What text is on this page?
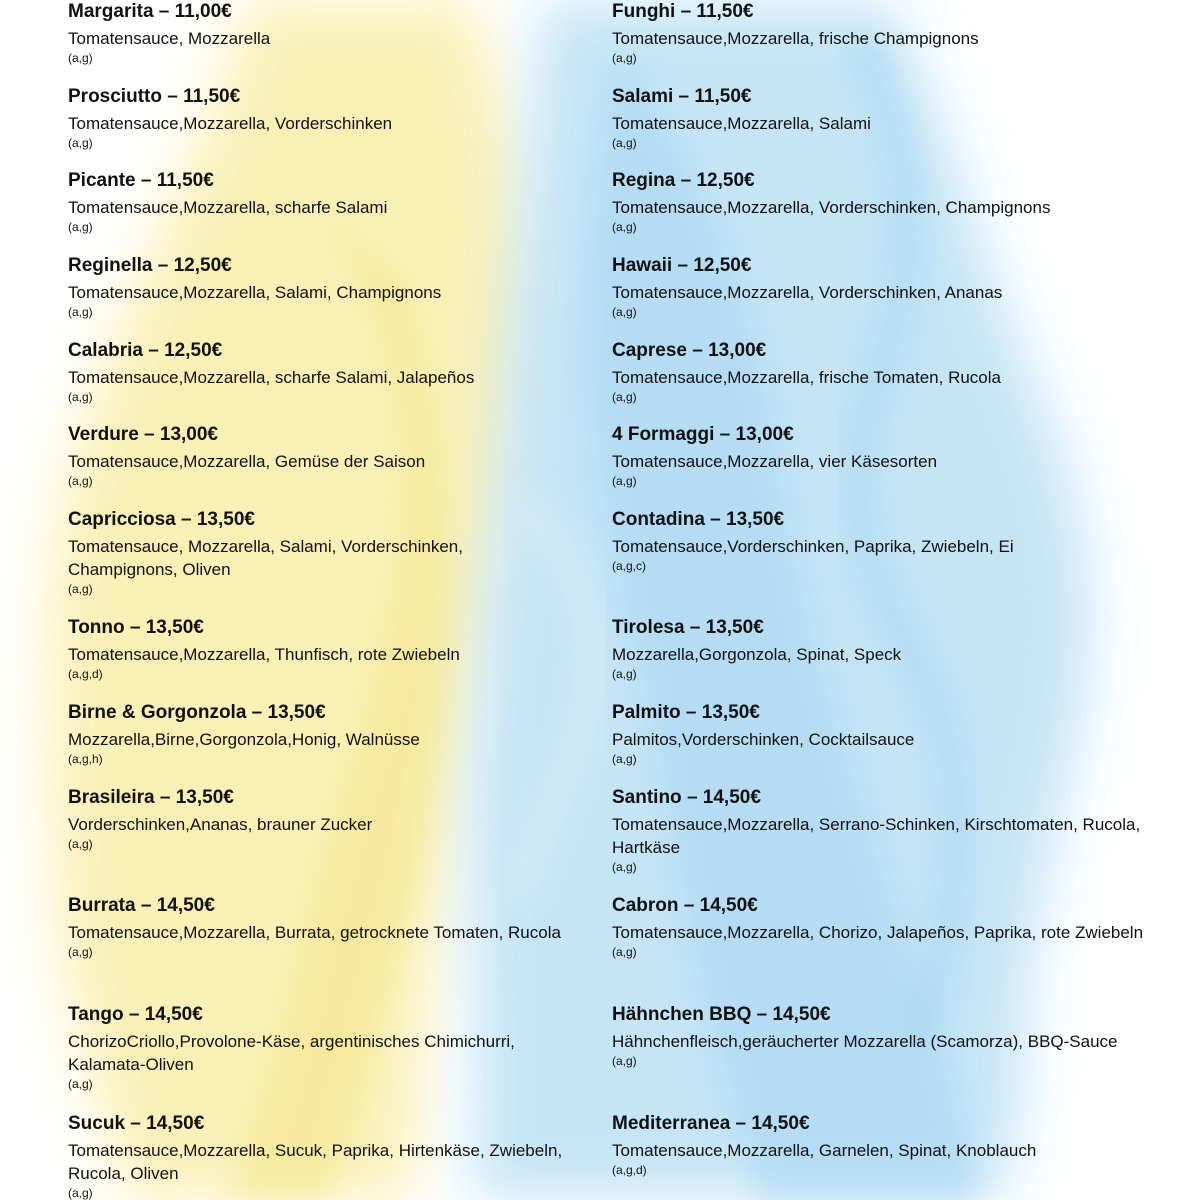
Margarita – 11,00€
Tomatensauce, Mozzarella
(a,g)
Prosciutto – 11,50€
Tomatensauce,Mozzarella, Vorderschinken
(a,g)
Picante – 11,50€
Tomatensauce,Mozzarella, scharfe Salami
(a,g)
Reginella – 12,50€
Tomatensauce,Mozzarella, Salami, Champignons
(a,g)
Calabria – 12,50€
Tomatensauce,Mozzarella, scharfe Salami, Jalapeños
(a,g)
Verdure – 13,00€
Tomatensauce,Mozzarella, Gemüse der Saison
(a,g)
Capricciosa – 13,50€
Tomatensauce, Mozzarella, Salami, Vorderschinken, Champignons, Oliven
(a,g)
Tonno – 13,50€
Tomatensauce,Mozzarella, Thunfisch, rote Zwiebeln
(a,g,d)
Birne & Gorgonzola – 13,50€
Mozzarella,Birne,Gorgonzola,Honig, Walnüsse
(a,g,h)
Brasileira – 13,50€
Vorderschinken,Ananas, brauner Zucker
(a,g)
Burrata – 14,50€
Tomatensauce,Mozzarella, Burrata, getrocknete Tomaten, Rucola
(a,g)
Tango – 14,50€
ChorizoCriollo,Provolone-Käse, argentinisches Chimichurri, Kalamata-Oliven
(a,g)
Sucuk – 14,50€
Tomatensauce,Mozzarella, Sucuk, Paprika, Hirtenkäse, Zwiebeln, Rucola, Oliven
(a,g)
Funghi – 11,50€
Tomatensauce,Mozzarella, frische Champignons
(a,g)
Salami – 11,50€
Tomatensauce,Mozzarella, Salami
(a,g)
Regina – 12,50€
Tomatensauce,Mozzarella, Vorderschinken, Champignons
(a,g)
Hawaii – 12,50€
Tomatensauce,Mozzarella, Vorderschinken, Ananas
(a,g)
Caprese – 13,00€
Tomatensauce,Mozzarella, frische Tomaten, Rucola
(a,g)
4 Formaggi – 13,00€
Tomatensauce,Mozzarella, vier Käsesorten
(a,g)
Contadina – 13,50€
Tomatensauce,Vorderschinken, Paprika, Zwiebeln, Ei
(a,g,c)
Tirolesa – 13,50€
Mozzarella,Gorgonzola, Spinat, Speck
(a,g)
Palmito – 13,50€
Palmitos,Vorderschinken, Cocktailsauce
(a,g)
Santino – 14,50€
Tomatensauce,Mozzarella, Serrano-Schinken, Kirschtomaten, Rucola, Hartkäse
(a,g)
Cabron – 14,50€
Tomatensauce,Mozzarella, Chorizo, Jalapeños, Paprika, rote Zwiebeln
(a,g)
Hähnchen BBQ – 14,50€
Hähnchenfleisch,geräucherter Mozzarella (Scamorza), BBQ-Sauce
(a,g)
Mediterranea – 14,50€
Tomatensauce,Mozzarella, Garnelen, Spinat, Knoblauch
(a,g,d)
